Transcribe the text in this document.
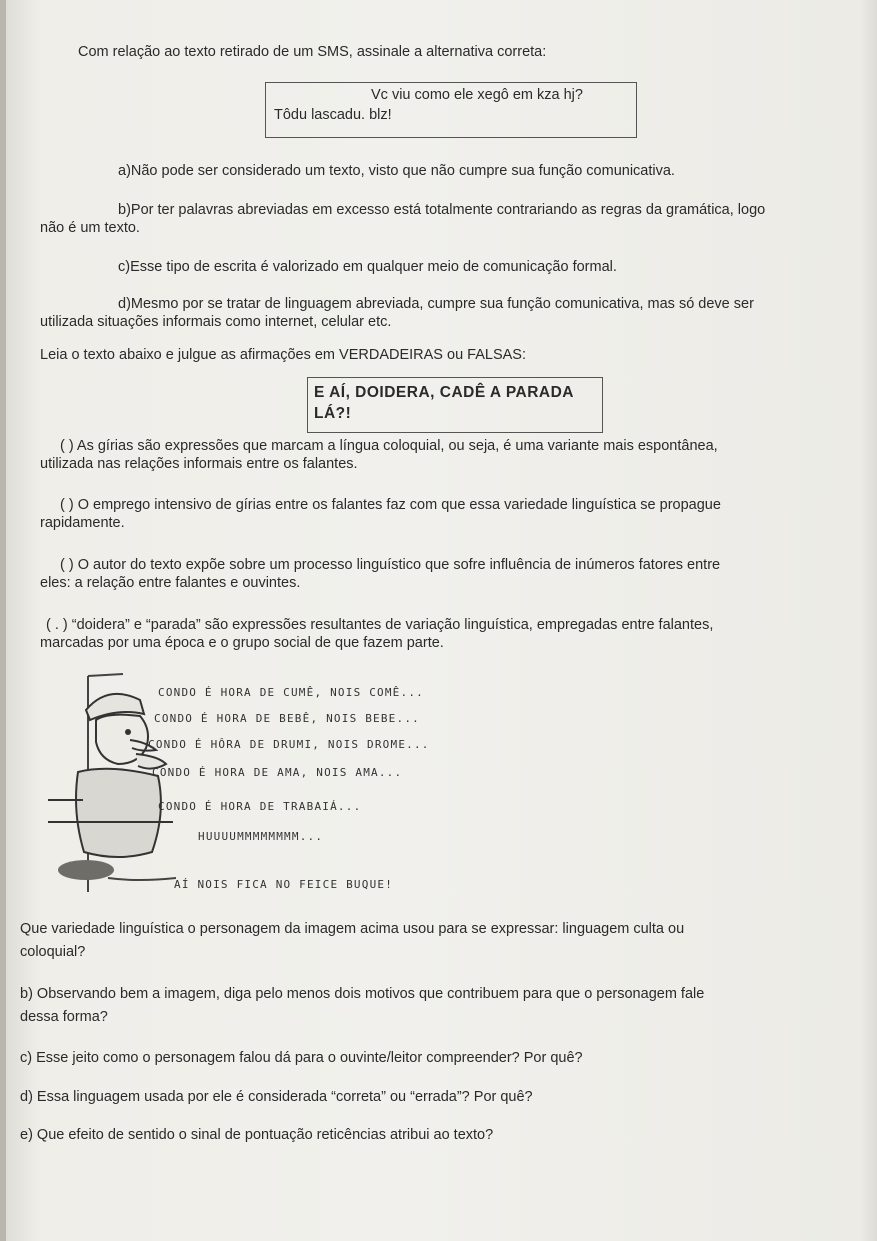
Com relação ao texto retirado de um SMS, assinale a alternativa correta:
Vc viu como ele xegô em kza hj?
Tôdu lascadu. blz!
a)Não pode ser considerado um texto, visto que não cumpre sua função comunicativa.
b)Por ter palavras abreviadas em excesso está totalmente contrariando as regras da gramática, logo
não é um texto.
c)Esse tipo de escrita é valorizado em qualquer meio de comunicação formal.
d)Mesmo por se tratar de linguagem abreviada, cumpre sua função comunicativa, mas só deve ser
utilizada situações informais como internet, celular etc.
Leia o texto abaixo e julgue as afirmações em VERDADEIRAS ou FALSAS:
E AÍ, DOIDERA, CADÊ A PARADA
LÁ?!
( ) As gírias são expressões que marcam a língua coloquial, ou seja, é uma variante mais espontânea,
utilizada nas relações informais entre os falantes.
( ) O emprego intensivo de gírias entre os falantes faz com que essa variedade linguística se propague
rapidamente.
( ) O autor do texto expõe sobre um processo linguístico que sofre influência de inúmeros fatores entre
eles: a relação entre falantes e ouvintes.
( . ) “doidera” e “parada” são expressões resultantes de variação linguística, empregadas entre falantes,
marcadas por uma época e o grupo social de que fazem parte.
CONDO É HORA DE CUMÊ, NOIS COMÊ...
CONDO É HORA DE BEBÊ, NOIS BEBE...
CONDO É HÔRA DE DRUMI, NOIS DROME...
CONDO É HORA DE AMA, NOIS AMA...
CONDO É HORA DE TRABAIÁ...
HUUUUMMMMMMMM...
AÍ NOIS FICA NO FEICE BUQUE!
Que variedade linguística o personagem da imagem acima usou para se expressar: linguagem culta ou
coloquial?
b) Observando bem a imagem, diga pelo menos dois motivos que contribuem para que o personagem fale
dessa forma?
c) Esse jeito como o personagem falou dá para o ouvinte/leitor compreender? Por quê?
d) Essa linguagem usada por ele é considerada “correta” ou “errada”? Por quê?
e) Que efeito de sentido o sinal de pontuação reticências atribui ao texto?
